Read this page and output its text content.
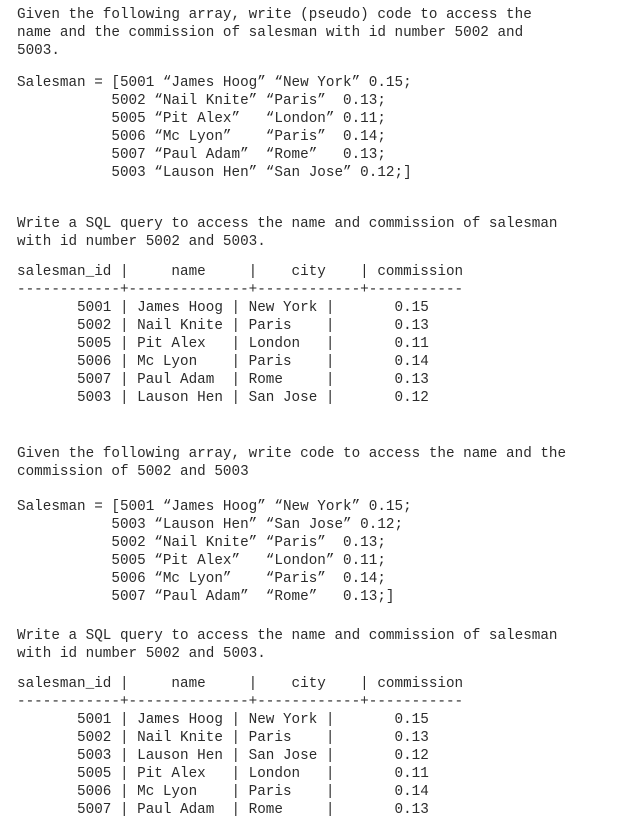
Given the following array, write (pseudo) code to access the
name and the commission of salesman with id number 5002 and
5003.
Salesman = [5001 “James Hoog” “New York” 0.15;
5002 “Nail Knite” “Paris”  0.13;
5005 “Pit Alex”   “London” 0.11;
5006 “Mc Lyon”    “Paris”  0.14;
5007 “Paul Adam”  “Rome”   0.13;
5003 “Lauson Hen” “San Jose” 0.12;]
Write a SQL query to access the name and commission of salesman
with id number 5002 and 5003.
salesman_id |     name     |    city    | commission
------------+--------------+------------+-----------
5001 | James Hoog | New York |       0.15
5002 | Nail Knite | Paris    |       0.13
5005 | Pit Alex   | London   |       0.11
5006 | Mc Lyon    | Paris    |       0.14
5007 | Paul Adam  | Rome     |       0.13
5003 | Lauson Hen | San Jose |       0.12
Given the following array, write code to access the name and the
commission of 5002 and 5003
Salesman = [5001 “James Hoog” “New York” 0.15;
5003 “Lauson Hen” “San Jose” 0.12;
5002 “Nail Knite” “Paris”  0.13;
5005 “Pit Alex”   “London” 0.11;
5006 “Mc Lyon”    “Paris”  0.14;
5007 “Paul Adam”  “Rome”   0.13;]
Write a SQL query to access the name and commission of salesman
with id number 5002 and 5003.
salesman_id |     name     |    city    | commission
------------+--------------+------------+-----------
5001 | James Hoog | New York |       0.15
5002 | Nail Knite | Paris    |       0.13
5003 | Lauson Hen | San Jose |       0.12
5005 | Pit Alex   | London   |       0.11
5006 | Mc Lyon    | Paris    |       0.14
5007 | Paul Adam  | Rome     |       0.13
